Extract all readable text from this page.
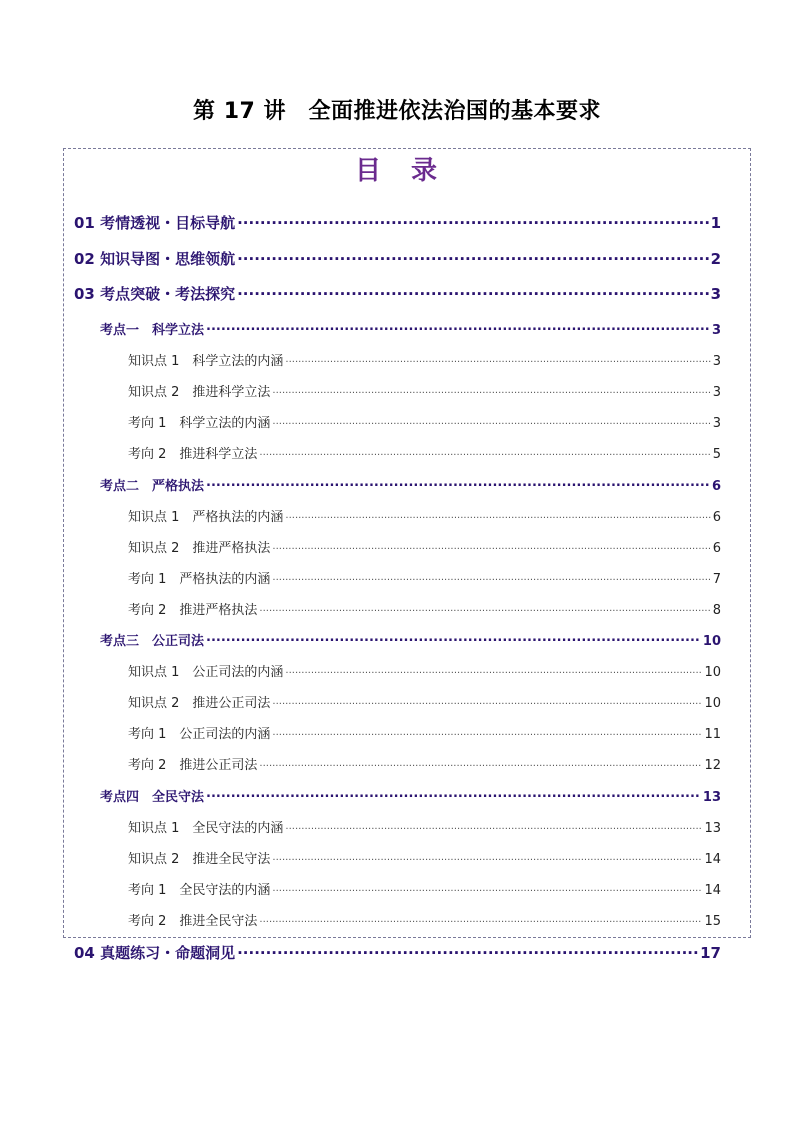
第 17 讲　全面推进依法治国的基本要求
目　录
01 考情透视・目标导航 .....	1
02 知识导图・思维领航 .....	2
03 考点突破・考法探究 .....	3
考点一　科学立法 .....	3
知识点 1　科学立法的内涵 .....	3
知识点 2　推进科学立法 .....	3
考向 1　科学立法的内涵 .....	3
考向 2　推进科学立法 .....	5
考点二　严格执法 .....	6
知识点 1　严格执法的内涵 .....	6
知识点 2　推进严格执法 .....	6
考向 1　严格执法的内涵 .....	7
考向 2　推进严格执法 .....	8
考点三　公正司法 .....	10
知识点 1　公正司法的内涵 .....	10
知识点 2　推进公正司法 .....	10
考向 1　公正司法的内涵 .....	11
考向 2　推进公正司法 .....	12
考点四　全民守法 .....	13
知识点 1　全民守法的内涵 .....	13
知识点 2　推进全民守法 .....	14
考向 1　全民守法的内涵 .....	14
考向 2　推进全民守法 .....	15
04 真题练习・命题洞见 .....	17
